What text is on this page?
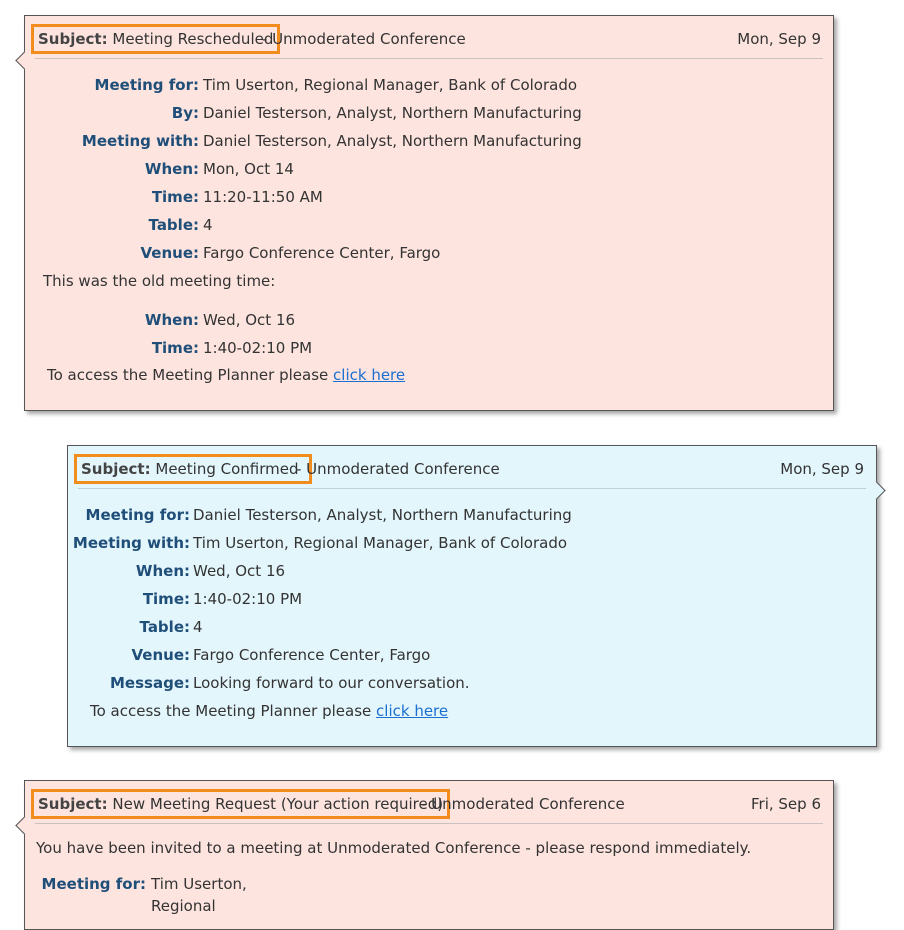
Subject: Meeting Rescheduled
- Unmoderated Conference	Mon, Sep 9
Meeting for: Tim Userton, Regional Manager, Bank of Colorado
By: Daniel Testerson, Analyst, Northern Manufacturing
Meeting with: Daniel Testerson, Analyst, Northern Manufacturing
When: Mon, Oct 14
Time: 11:20-11:50 AM
Table: 4
Venue: Fargo Conference Center, Fargo
This was the old meeting time:
When: Wed, Oct 16
Time: 1:40-02:10 PM
To access the Meeting Planner please click here
Subject: Meeting Confirmed
- Unmoderated Conference	Mon, Sep 9
Meeting for: Daniel Testerson, Analyst, Northern Manufacturing
Meeting with: Tim Userton, Regional Manager, Bank of Colorado
When: Wed, Oct 16
Time: 1:40-02:10 PM
Table: 4
Venue: Fargo Conference Center, Fargo
Message: Looking forward to our conversation.
To access the Meeting Planner please click here
Subject: New Meeting Request (Your action required)
- Unmoderated Conference	Fri, Sep 6
You have been invited to a meeting at Unmoderated Conference - please respond immediately.
Meeting for: Tim Userton,
Regional
